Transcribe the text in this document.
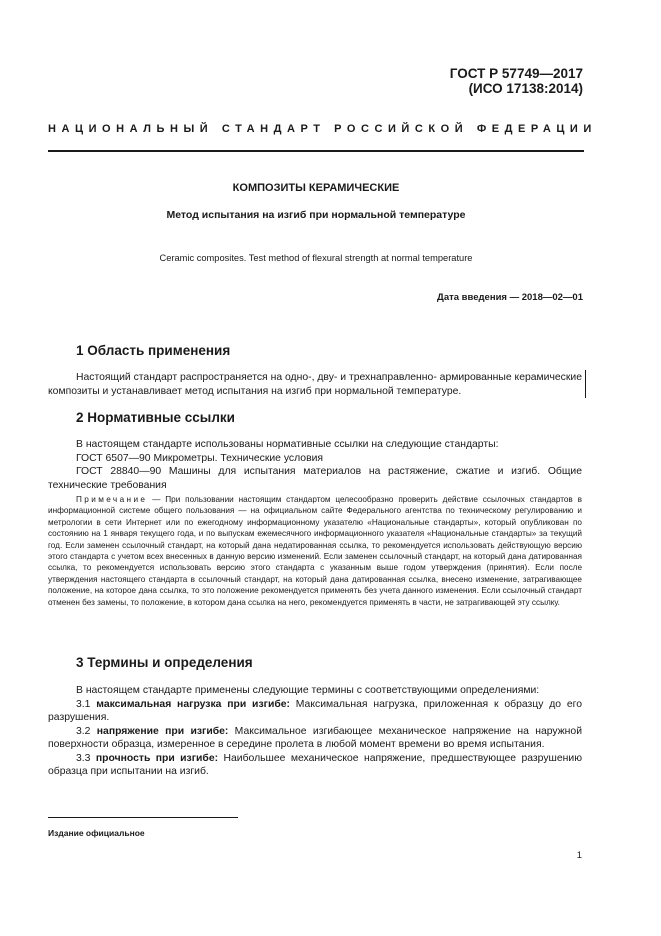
ГОСТ Р 57749—2017
(ИСО 17138:2014)
НАЦИОНАЛЬНЫЙ СТАНДАРТ РОССИЙСКОЙ ФЕДЕРАЦИИ
КОМПОЗИТЫ КЕРАМИЧЕСКИЕ
Метод испытания на изгиб при нормальной температуре
Ceramic composites. Test method of flexural strength at normal temperature
Дата введения — 2018—02—01
1 Область применения

Настоящий стандарт распространяется на одно-, дву- и трехнаправленно- армированные керамические композиты и устанавливает метод испытания на изгиб при нормальной температуре.

2 Нормативные ссылки

В настоящем стандарте использованы нормативные ссылки на следующие стандарты:

ГОСТ 6507—90 Микрометры. Технические условия

ГОСТ 28840—90 Машины для испытания материалов на растяжение, сжатие и изгиб. Общие технические требования

Примечание — При пользовании настоящим стандартом целесообразно проверить действие ссылочных стандартов в информационной системе общего пользования — на официальном сайте Федерального агентства по техническому регулированию и метрологии в сети Интернет или по ежегодному информационному указателю «Национальные стандарты», который опубликован по состоянию на 1 января текущего года, и по выпускам ежемесячного информационного указателя «Национальные стандарты» за текущий год. Если заменен ссылочный стандарт, на который дана недатированная ссылка, то рекомендуется использовать действующую версию этого стандарта с учетом всех внесенных в данную версию изменений. Если заменен ссылочный стандарт, на который дана датированная ссылка, то рекомендуется использовать версию этого стандарта с указанным выше годом утверждения (принятия). Если после утверждения настоящего стандарта в ссылочный стандарт, на который дана датированная ссылка, внесено изменение, затрагивающее положение, на которое дана ссылка, то это положение рекомендуется применять без учета данного изменения. Если ссылочный стандарт отменен без замены, то положение, в котором дана ссылка на него, рекомендуется применять в части, не затрагивающей эту ссылку.

3 Термины и определения

В настоящем стандарте применены следующие термины с соответствующими определениями:

3.1 максимальная нагрузка при изгибе: Максимальная нагрузка, приложенная к образцу до его разрушения.

3.2 напряжение при изгибе: Максимальное изгибающее механическое напряжение на наружной поверхности образца, измеренное в середине пролета в любой момент времени во время испытания.

3.3 прочность при изгибе: Наибольшее механическое напряжение, предшествующее разрушению образца при испытании на изгиб.

Издание официальное
1
